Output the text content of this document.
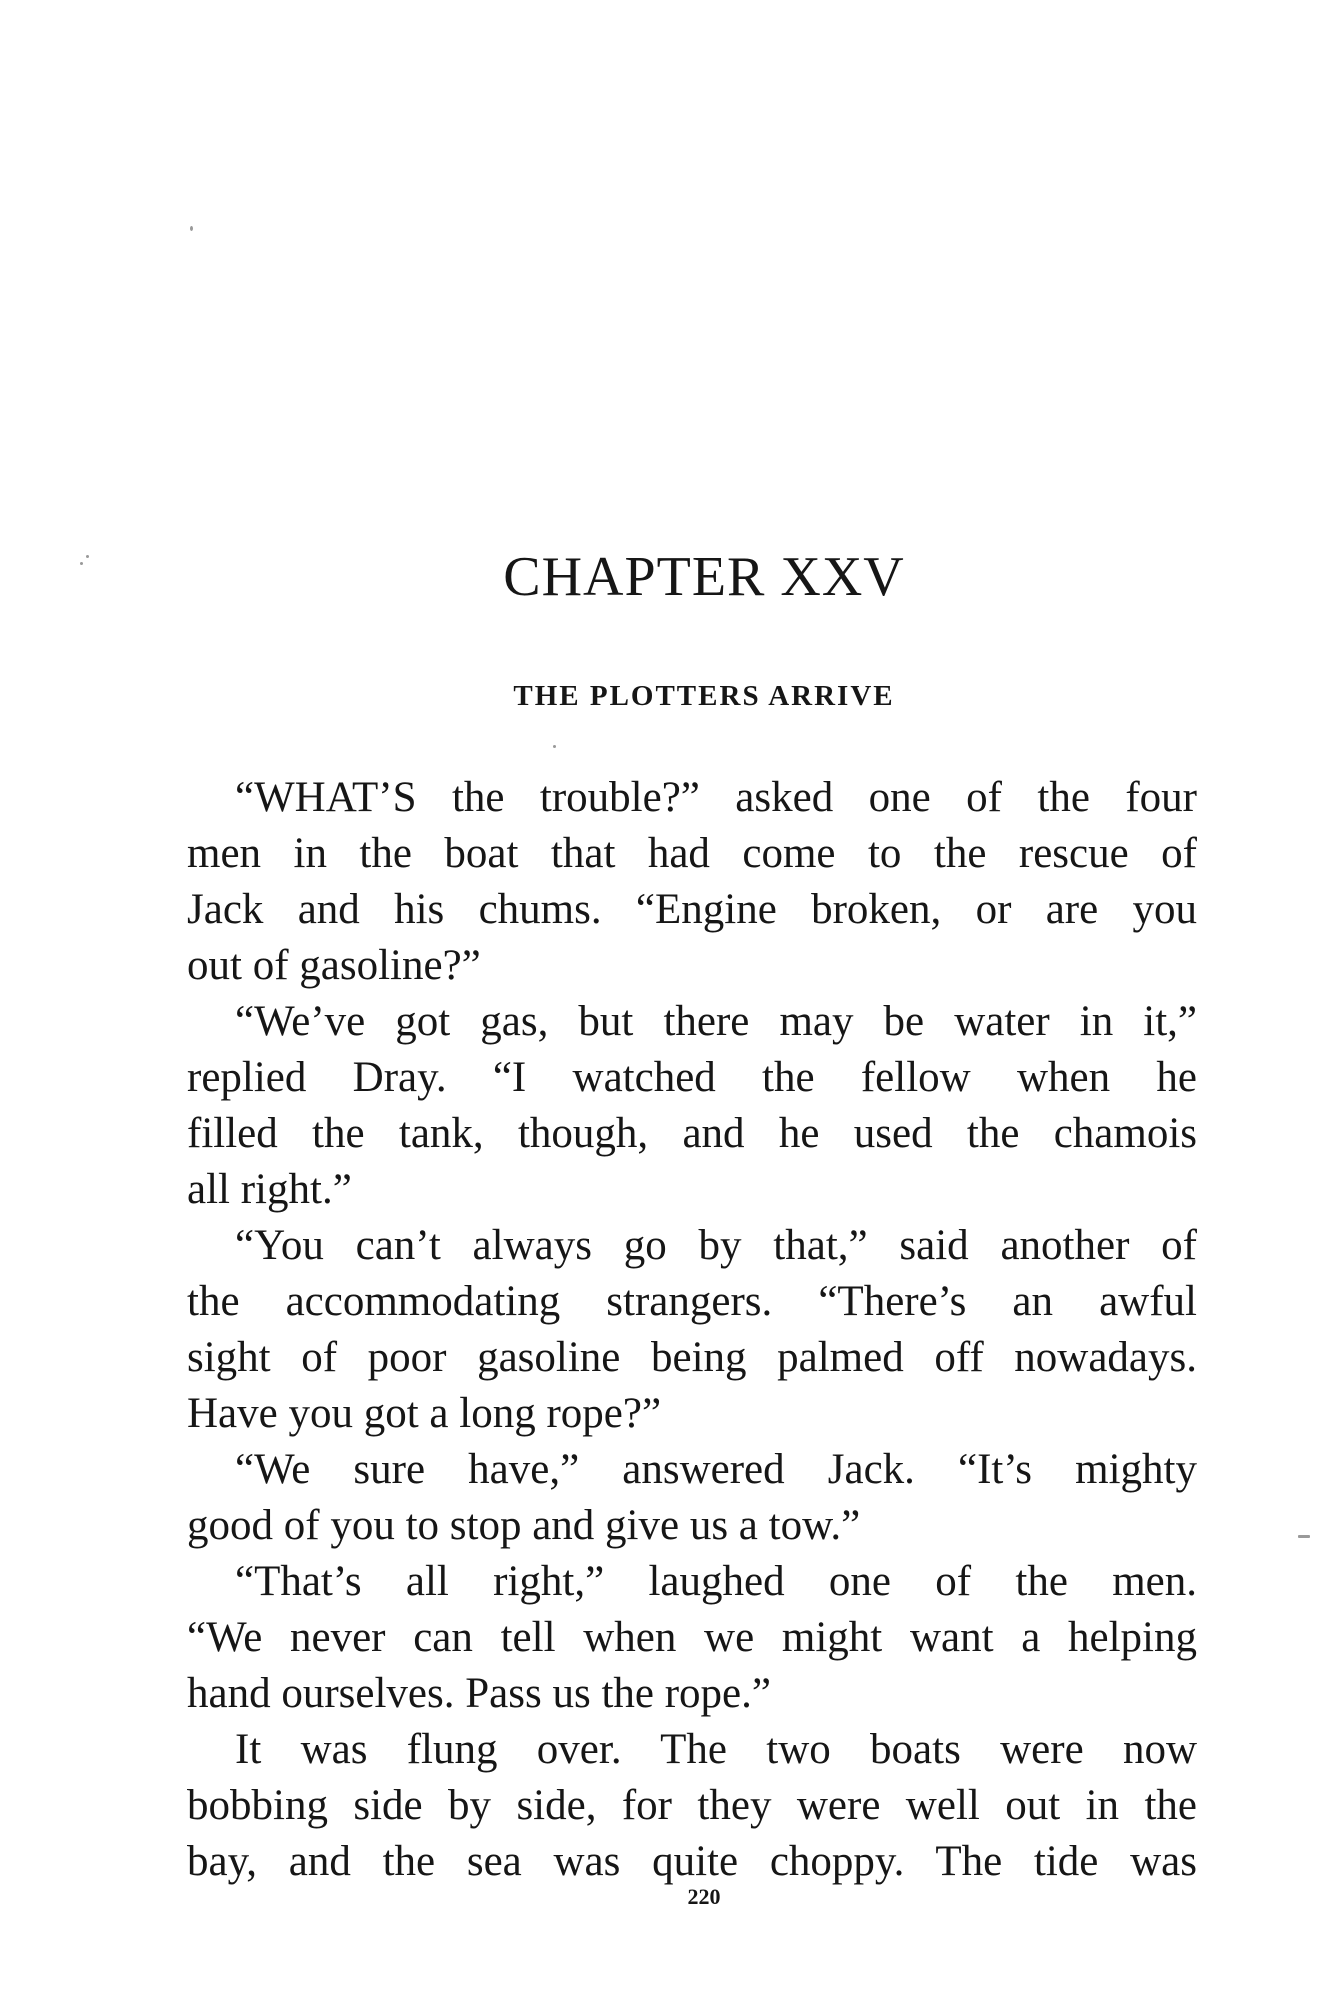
CHAPTER XXV
THE PLOTTERS ARRIVE
“WHAT’S the trouble?” asked one of the four
men in the boat that had come to the rescue of
Jack and his chums. “Engine broken, or are you
out of gasoline?”
“We’ve got gas, but there may be water in it,”
replied Dray. “I watched the fellow when he
filled the tank, though, and he used the chamois
all right.”
“You can’t always go by that,” said another of
the accommodating strangers. “There’s an awful
sight of poor gasoline being palmed off nowadays.
Have you got a long rope?”
“We sure have,” answered Jack. “It’s mighty
good of you to stop and give us a tow.”
“That’s all right,” laughed one of the men.
“We never can tell when we might want a helping
hand ourselves. Pass us the rope.”
It was flung over. The two boats were now
bobbing side by side, for they were well out in the
bay, and the sea was quite choppy. The tide was
220
